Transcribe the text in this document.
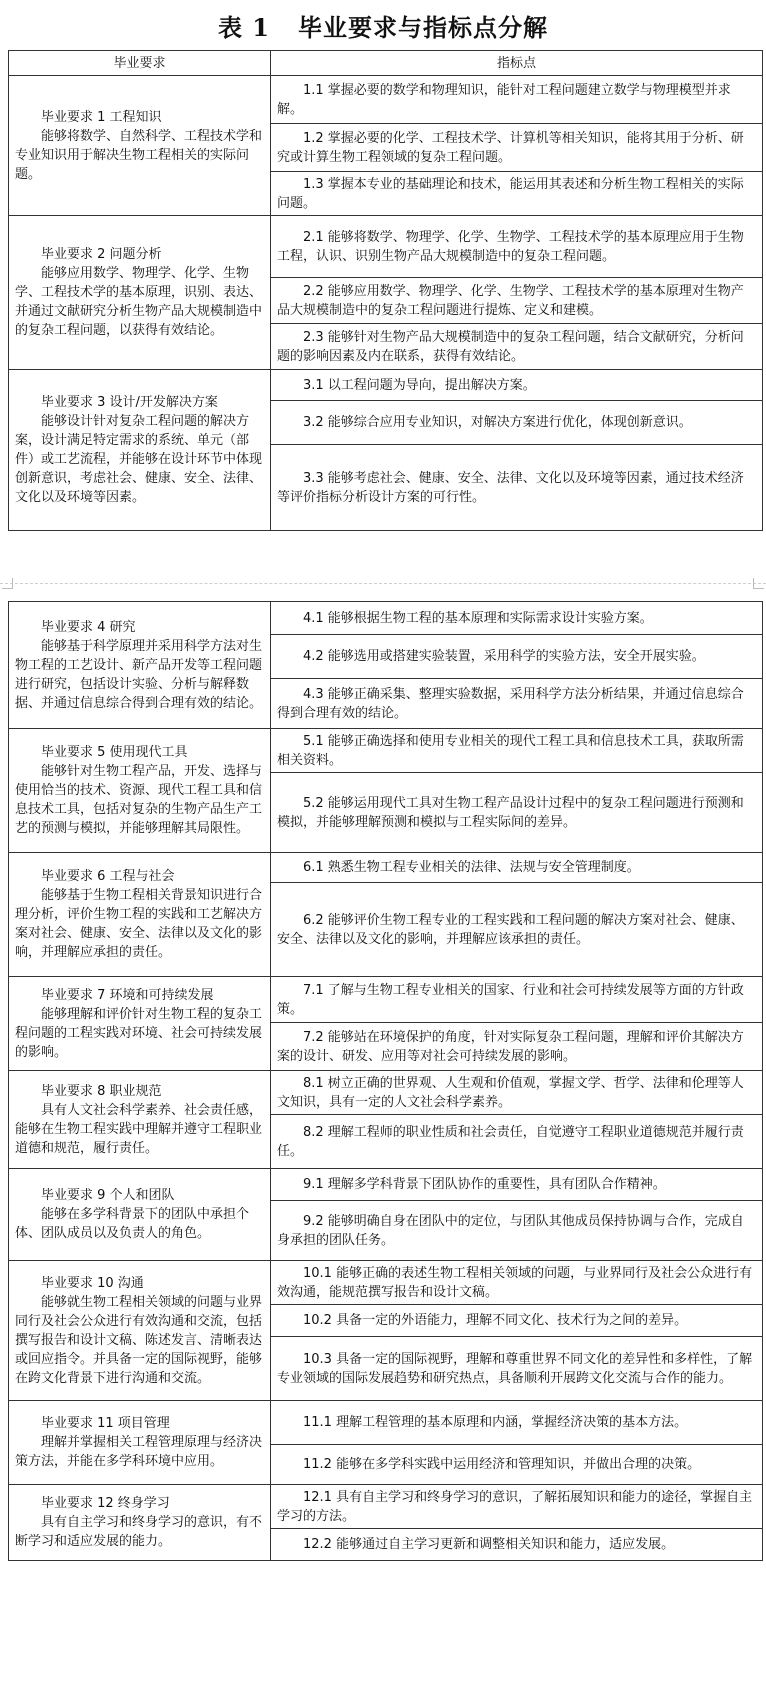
表 1   毕业要求与指标点分解
毕业要求	指标点

毕业要求 1 工程知识
能够将数学、自然科学、工程技术学和专业知识用于解决生物工程相关的实际问题。	1.1 掌握必要的数学和物理知识，能针对工程问题建立数学与物理模型并求解。

	1.2 掌握必要的化学、工程技术学、计算机等相关知识，能将其用于分析、研究或计算生物工程领域的复杂工程问题。

	1.3 掌握本专业的基础理论和技术，能运用其表述和分析生物工程相关的实际问题。

毕业要求 2 问题分析
能够应用数学、物理学、化学、生物学、工程技术学的基本原理，识别、表达、并通过文献研究分析生物产品大规模制造中的复杂工程问题，以获得有效结论。	2.1 能够将数学、物理学、化学、生物学、工程技术学的基本原理应用于生物工程，认识、识别生物产品大规模制造中的复杂工程问题。

	2.2 能够应用数学、物理学、化学、生物学、工程技术学的基本原理对生物产品大规模制造中的复杂工程问题进行提炼、定义和建模。

	2.3 能够针对生物产品大规模制造中的复杂工程问题，结合文献研究，分析问题的影响因素及内在联系，获得有效结论。

毕业要求 3 设计/开发解决方案
能够设计针对复杂工程问题的解决方案，设计满足特定需求的系统、单元（部件）或工艺流程，并能够在设计环节中体现创新意识，考虑社会、健康、安全、法律、文化以及环境等因素。	3.1 以工程问题为导向，提出解决方案。

	3.2 能够综合应用专业知识，对解决方案进行优化，体现创新意识。

	3.3 能够考虑社会、健康、安全、法律、文化以及环境等因素，通过技术经济等评价指标分析设计方案的可行性。
毕业要求 4 研究
能够基于科学原理并采用科学方法对生物工程的工艺设计、新产品开发等工程问题进行研究，包括设计实验、分析与解释数据、并通过信息综合得到合理有效的结论。	4.1 能够根据生物工程的基本原理和实际需求设计实验方案。

	4.2 能够选用或搭建实验装置，采用科学的实验方法，安全开展实验。

	4.3 能够正确采集、整理实验数据，采用科学方法分析结果，并通过信息综合得到合理有效的结论。

毕业要求 5 使用现代工具
能够针对生物工程产品，开发、选择与使用恰当的技术、资源、现代工程工具和信息技术工具，包括对复杂的生物产品生产工艺的预测与模拟，并能够理解其局限性。	5.1 能够正确选择和使用专业相关的现代工程工具和信息技术工具，获取所需相关资料。

	5.2 能够运用现代工具对生物工程产品设计过程中的复杂工程问题进行预测和模拟，并能够理解预测和模拟与工程实际间的差异。

毕业要求 6 工程与社会
能够基于生物工程相关背景知识进行合理分析，评价生物工程的实践和工艺解决方案对社会、健康、安全、法律以及文化的影响，并理解应承担的责任。	6.1 熟悉生物工程专业相关的法律、法规与安全管理制度。

	6.2 能够评价生物工程专业的工程实践和工程问题的解决方案对社会、健康、安全、法律以及文化的影响，并理解应该承担的责任。

毕业要求 7 环境和可持续发展
能够理解和评价针对生物工程的复杂工程问题的工程实践对环境、社会可持续发展的影响。	7.1 了解与生物工程专业相关的国家、行业和社会可持续发展等方面的方针政策。

	7.2 能够站在环境保护的角度，针对实际复杂工程问题，理解和评价其解决方案的设计、研发、应用等对社会可持续发展的影响。

毕业要求 8 职业规范
具有人文社会科学素养、社会责任感，能够在生物工程实践中理解并遵守工程职业道德和规范，履行责任。	8.1 树立正确的世界观、人生观和价值观，掌握文学、哲学、法律和伦理等人文知识，具有一定的人文社会科学素养。

	8.2 理解工程师的职业性质和社会责任，自觉遵守工程职业道德规范并履行责任。

毕业要求 9 个人和团队
能够在多学科背景下的团队中承担个体、团队成员以及负责人的角色。	9.1 理解多学科背景下团队协作的重要性，具有团队合作精神。

	9.2 能够明确自身在团队中的定位，与团队其他成员保持协调与合作，完成自身承担的团队任务。

毕业要求 10 沟通
能够就生物工程相关领域的问题与业界同行及社会公众进行有效沟通和交流，包括撰写报告和设计文稿、陈述发言、清晰表达或回应指令。并具备一定的国际视野，能够在跨文化背景下进行沟通和交流。	10.1 能够正确的表述生物工程相关领域的问题，与业界同行及社会公众进行有效沟通，能规范撰写报告和设计文稿。

	10.2 具备一定的外语能力，理解不同文化、技术行为之间的差异。

	10.3 具备一定的国际视野，理解和尊重世界不同文化的差异性和多样性，了解专业领域的国际发展趋势和研究热点，具备顺利开展跨文化交流与合作的能力。

毕业要求 11 项目管理
理解并掌握相关工程管理原理与经济决策方法，并能在多学科环境中应用。	11.1 理解工程管理的基本原理和内涵，掌握经济决策的基本方法。

	11.2 能够在多学科实践中运用经济和管理知识，并做出合理的决策。

毕业要求 12 终身学习
具有自主学习和终身学习的意识，有不断学习和适应发展的能力。	12.1 具有自主学习和终身学习的意识，了解拓展知识和能力的途径，掌握自主学习的方法。

	12.2 能够通过自主学习更新和调整相关知识和能力，适应发展。
